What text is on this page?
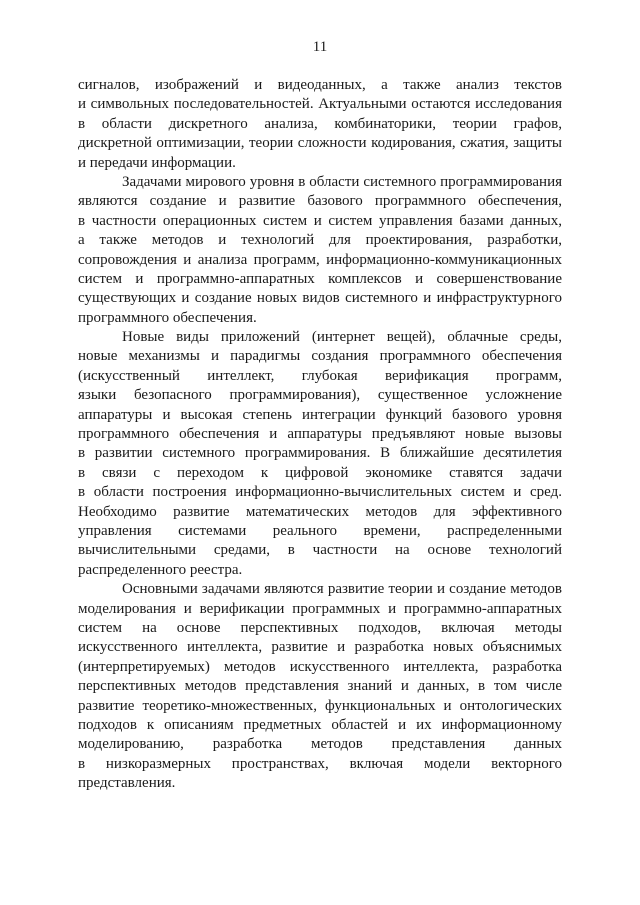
11
сигналов, изображений и видеоданных, а также анализ текстов
и символьных последовательностей. Актуальными остаются исследования
в области дискретного анализа, комбинаторики, теории графов,
дискретной оптимизации, теории сложности кодирования, сжатия, защиты
и передачи информации.
Задачами мирового уровня в области системного программирования
являются создание и развитие базового программного обеспечения,
в частности операционных систем и систем управления базами данных,
а также методов и технологий для проектирования, разработки,
сопровождения и анализа программ, информационно-коммуникационных
систем и программно-аппаратных комплексов и совершенствование
существующих и создание новых видов системного и инфраструктурного
программного обеспечения.
Новые виды приложений (интернет вещей), облачные среды,
новые механизмы и парадигмы создания программного обеспечения
(искусственный интеллект, глубокая верификация программ,
языки безопасного программирования), существенное усложнение
аппаратуры и высокая степень интеграции функций базового уровня
программного обеспечения и аппаратуры предъявляют новые вызовы
в развитии системного программирования. В ближайшие десятилетия
в связи с переходом к цифровой экономике ставятся задачи
в области построения информационно-вычислительных систем и сред.
Необходимо развитие математических методов для эффективного
управления системами реального времени, распределенными
вычислительными средами, в частности на основе технологий
распределенного реестра.
Основными задачами являются развитие теории и создание методов
моделирования и верификации программных и программно-аппаратных
систем на основе перспективных подходов, включая методы
искусственного интеллекта, развитие и разработка новых объяснимых
(интерпретируемых) методов искусственного интеллекта, разработка
перспективных методов представления знаний и данных, в том числе
развитие теоретико-множественных, функциональных и онтологических
подходов к описаниям предметных областей и их информационному
моделированию, разработка методов представления данных
в низкоразмерных пространствах, включая модели векторного
представления.
